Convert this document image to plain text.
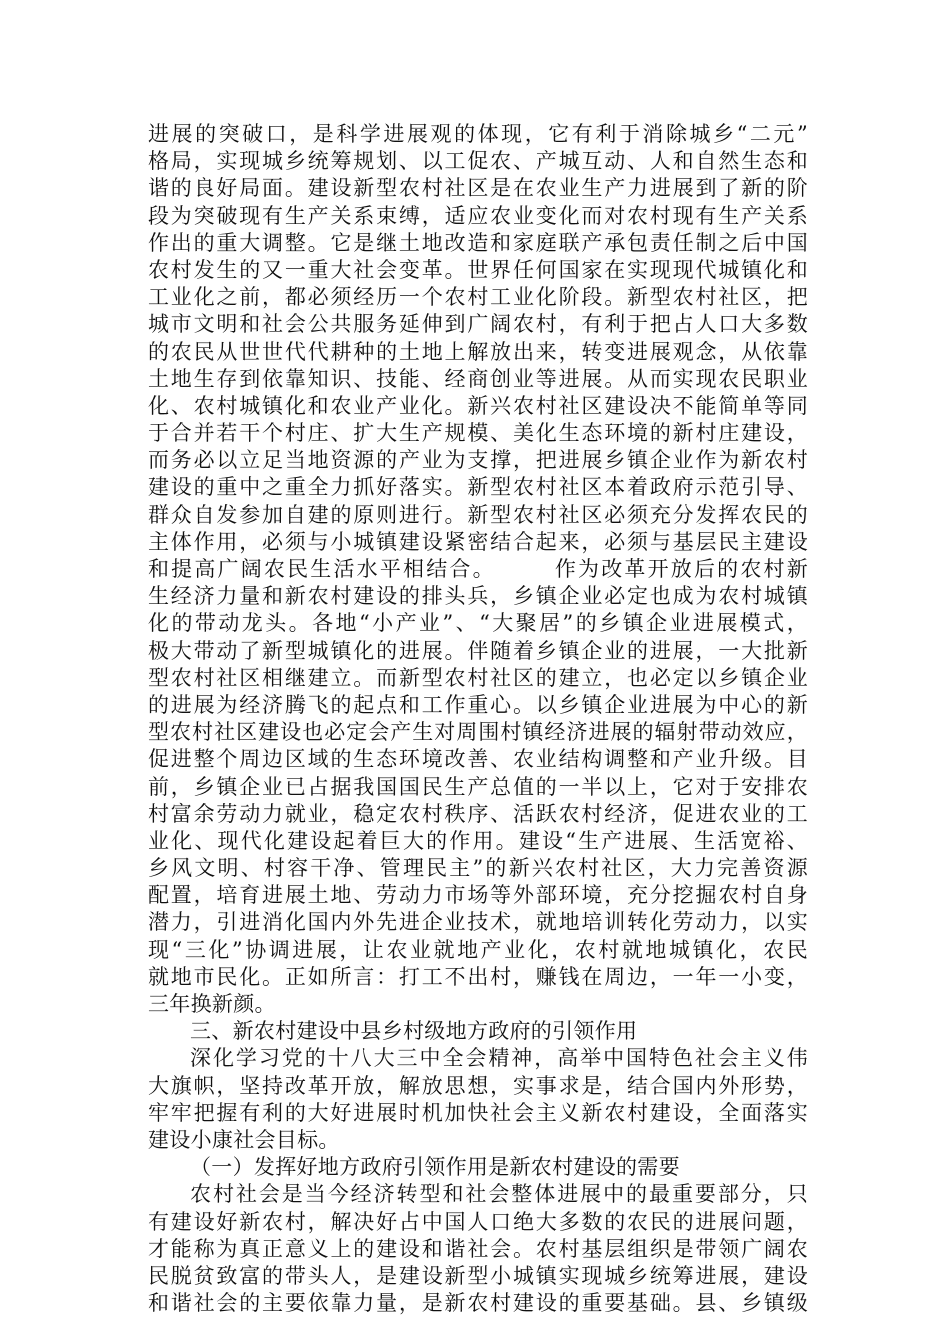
进展的突破口，是科学进展观的体现，它有利于消除城乡“二元”
格局，实现城乡统筹规划、以工促农、产城互动、人和自然生态和
谐的良好局面。建设新型农村社区是在农业生产力进展到了新的阶
段为突破现有生产关系束缚，适应农业变化而对农村现有生产关系
作出的重大调整。它是继土地改造和家庭联产承包责任制之后中国
农村发生的又一重大社会变革。世界任何国家在实现现代城镇化和
工业化之前，都必须经历一个农村工业化阶段。新型农村社区，把
城市文明和社会公共服务延伸到广阔农村，有利于把占人口大多数
的农民从世世代代耕种的土地上解放出来，转变进展观念，从依靠
土地生存到依靠知识、技能、经商创业等进展。从而实现农民职业
化、农村城镇化和农业产业化。新兴农村社区建设决不能简单等同
于合并若干个村庄、扩大生产规模、美化生态环境的新村庄建设，
而务必以立足当地资源的产业为支撑，把进展乡镇企业作为新农村
建设的重中之重全力抓好落实。新型农村社区本着政府示范引导、
群众自发参加自建的原则进行。新型农村社区必须充分发挥农民的
主体作用，必须与小城镇建设紧密结合起来，必须与基层民主建设
和提高广阔农民生活水平相结合。　　　作为改革开放后的农村新
生经济力量和新农村建设的排头兵，乡镇企业必定也成为农村城镇
化的带动龙头。各地“小产业”、“大聚居”的乡镇企业进展模式，
极大带动了新型城镇化的进展。伴随着乡镇企业的进展，一大批新
型农村社区相继建立。而新型农村社区的建立，也必定以乡镇企业
的进展为经济腾飞的起点和工作重心。以乡镇企业进展为中心的新
型农村社区建设也必定会产生对周围村镇经济进展的辐射带动效应，
促进整个周边区域的生态环境改善、农业结构调整和产业升级。目
前，乡镇企业已占据我国国民生产总值的一半以上，它对于安排农
村富余劳动力就业，稳定农村秩序、活跃农村经济，促进农业的工
业化、现代化建设起着巨大的作用。建设“生产进展、生活宽裕、
乡风文明、村容干净、管理民主”的新兴农村社区，大力完善资源
配置，培育进展土地、劳动力市场等外部环境，充分挖掘农村自身
潜力，引进消化国内外先进企业技术，就地培训转化劳动力，以实
现“三化”协调进展，让农业就地产业化，农村就地城镇化，农民
就地市民化。正如所言：打工不出村，赚钱在周边，一年一小变，
三年换新颜。
三、新农村建设中县乡村级地方政府的引领作用
深化学习党的十八大三中全会精神，高举中国特色社会主义伟
大旗帜，坚持改革开放，解放思想，实事求是，结合国内外形势，
牢牢把握有利的大好进展时机加快社会主义新农村建设，全面落实
建设小康社会目标。
（一）发挥好地方政府引领作用是新农村建设的需要
农村社会是当今经济转型和社会整体进展中的最重要部分，只
有建设好新农村，解决好占中国人口绝大多数的农民的进展问题，
才能称为真正意义上的建设和谐社会。农村基层组织是带领广阔农
民脱贫致富的带头人，是建设新型小城镇实现城乡统筹进展，建设
和谐社会的主要依靠力量，是新农村建设的重要基础。县、乡镇级
